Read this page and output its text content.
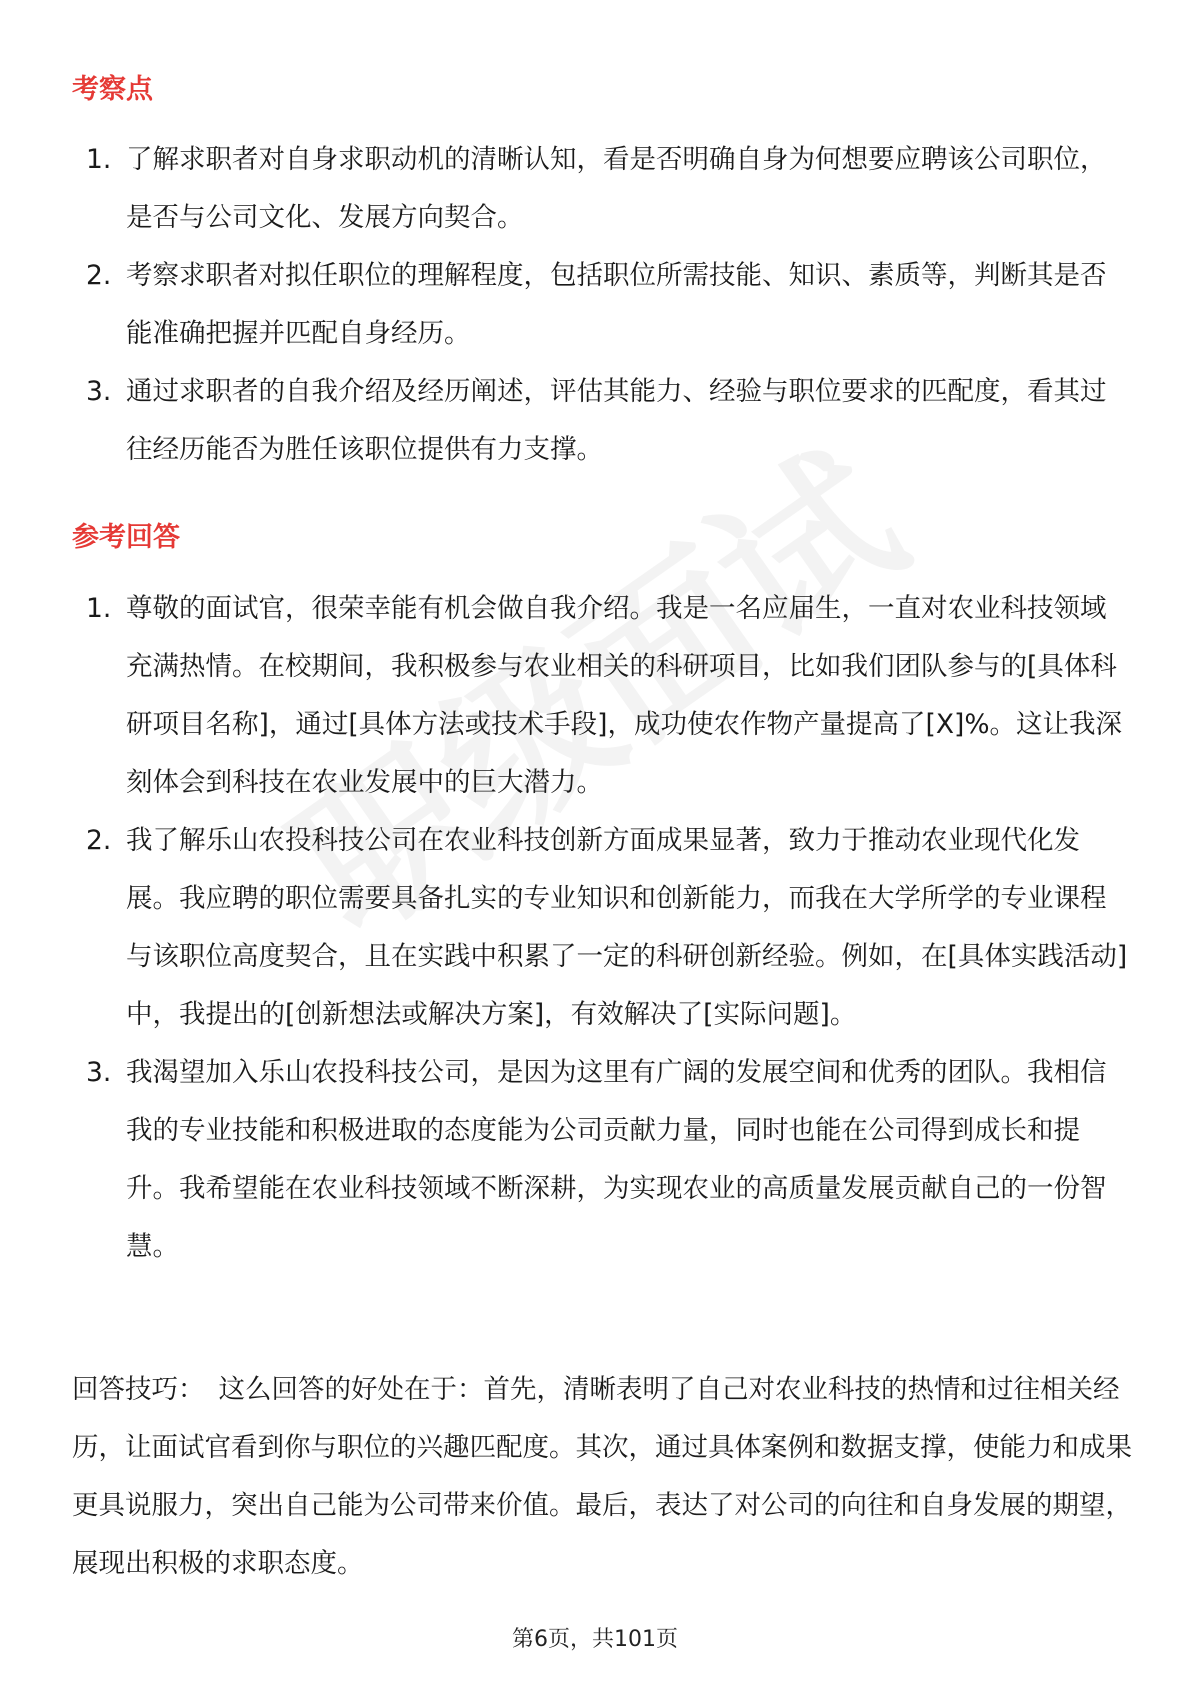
考察点
1. 了解求职者对自身求职动机的清晰认知，看是否明确自身为何想要应聘该公司职位，是否与公司文化、发展方向契合。
2. 考察求职者对拟任职位的理解程度，包括职位所需技能、知识、素质等，判断其是否能准确把握并匹配自身经历。
3. 通过求职者的自我介绍及经历阐述，评估其能力、经验与职位要求的匹配度，看其过往经历能否为胜任该职位提供有力支撑。
参考回答
1. 尊敬的面试官，很荣幸能有机会做自我介绍。我是一名应届生，一直对农业科技领域充满热情。在校期间，我积极参与农业相关的科研项目，比如我们团队参与的[具体科研项目名称]，通过[具体方法或技术手段]，成功使农作物产量提高了[X]%。这让我深刻体会到科技在农业发展中的巨大潜力。
2. 我了解乐山农投科技公司在农业科技创新方面成果显著，致力于推动农业现代化发展。我应聘的职位需要具备扎实的专业知识和创新能力，而我在大学所学的专业课程与该职位高度契合，且在实践中积累了一定的科研创新经验。例如，在[具体实践活动]中，我提出的[创新想法或解决方案]，有效解决了[实际问题]。
3. 我渴望加入乐山农投科技公司，是因为这里有广阔的发展空间和优秀的团队。我相信我的专业技能和积极进取的态度能为公司贡献力量，同时也能在公司得到成长和提升。我希望能在农业科技领域不断深耕，为实现农业的高质量发展贡献自己的一份智慧。

回答技巧： 这么回答的好处在于：首先，清晰表明了自己对农业科技的热情和过往相关经历，让面试官看到你与职位的兴趣匹配度。其次，通过具体案例和数据支撑，使能力和成果更具说服力，突出自己能为公司带来价值。最后，表达了对公司的向往和自身发展的期望，展现出积极的求职态度。

第6页，共101页
